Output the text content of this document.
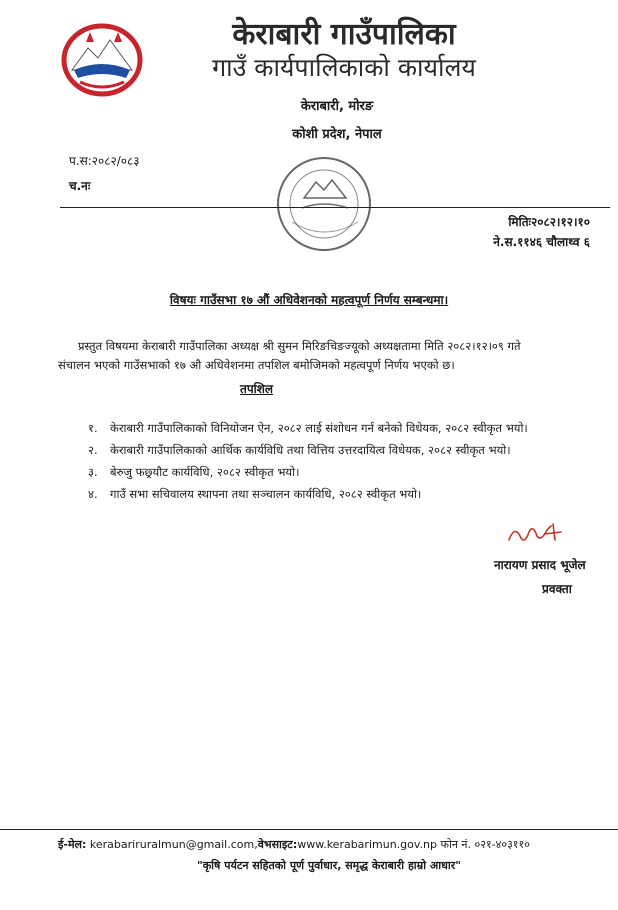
केराबारी गाउँपालिका
गाउँ कार्यपालिकाको कार्यालय
केराबारी, मोरङ
कोशी प्रदेश, नेपाल
प.स:२०८२/०८३
च.नः
मितिः२०८२।१२।१०
ने.स.११४६ चौलाथ्व ६
विषयः गाउँसभा १७ औं अधिवेशनको महत्वपूर्ण निर्णय सम्बन्धमा।
प्रस्तुत विषयमा केराबारी गाउँपालिका अध्यक्ष श्री सुमन मिरिङचिङज्यूको अध्यक्षतामा मिति २०८२।१२।०९ गते
संचालन भएको गाउँसभाको १७ औ अधिवेशनमा तपशिल बमोजिमको महत्वपूर्ण निर्णय भएको छ।
तपशिल
१. केराबारी गाउँपालिकाको विनियोजन ऐन, २०८२ लाई संशोधन गर्न बनेको विधेयक, २०८२ स्वीकृत भयो।
२. केराबारी गाउँपालिकाको आर्थिक कार्यविधि तथा वित्तिय उत्तरदायित्व विधेयक, २०८२ स्वीकृत भयो।
३. बेरुजु फछ्र्यौट कार्यविधि, २०८२ स्वीकृत भयो।
४. गाउँ सभा सचिवालय स्थापना तथा सञ्चालन कार्यविधि, २०८२ स्वीकृत भयो।
नारायण प्रसाद भूजेल
प्रवक्ता
ई-मेल: kerabariruralmun@gmail.com,वेभसाइट:www.kerabarimun.gov.np फोन नं. ०२१-४०३११०
"कृषि पर्यटन सहितको पूर्ण पुर्वाधार, समृद्ध केराबारी हाम्रो आधार"
